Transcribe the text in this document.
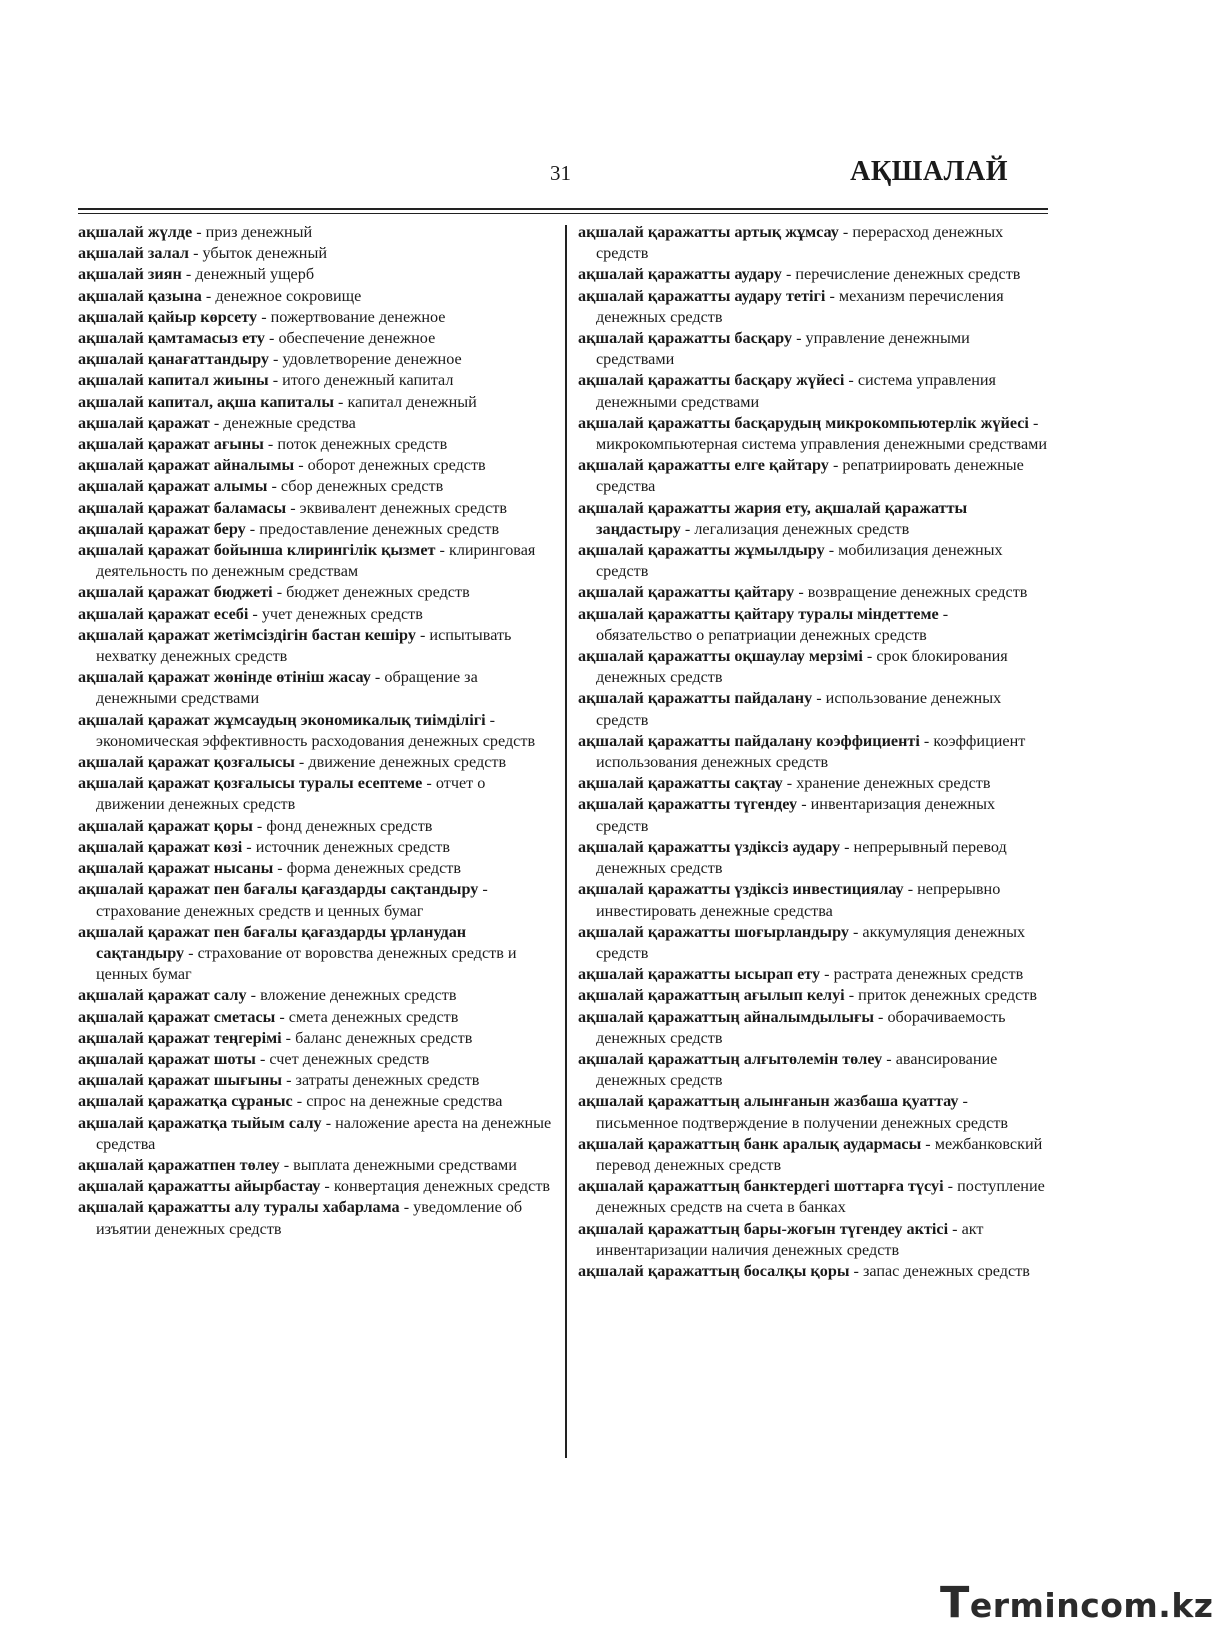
31	АҚШАЛАЙ
ақшалай жүлде - приз денежный
ақшалай залал - убыток денежный
ақшалай зиян - денежный ущерб
ақшалай қазына - денежное сокровище
ақшалай қайыр көрсету - пожертвование денежное
ақшалай қамтамасыз ету - обеспечение денежное
ақшалай қанағаттандыру - удовлетворение денежное
ақшалай капитал жиыны - итого денежный капитал
ақшалай капитал, ақша капиталы - капитал денежный
ақшалай қаражат - денежные средства
ақшалай қаражат ағыны - поток денежных средств
ақшалай қаражат айналымы - оборот денежных средств
ақшалай қаражат алымы - сбор денежных средств
ақшалай қаражат баламасы - эквивалент денежных средств
ақшалай қаражат беру - предоставление денежных средств
ақшалай қаражат бойынша клирингілік қызмет - клиринговая деятельность по денежным средствам
ақшалай қаражат бюджеті - бюджет денежных средств
ақшалай қаражат есебі - учет денежных средств
ақшалай қаражат жетімсіздігін бастан кешіру - испытывать нехватку денежных средств
ақшалай қаражат жөнінде өтініш жасау - обращение за денежными средствами
ақшалай қаражат жұмсаудың экономикалық тиімділігі - экономическая эффективность расходования денежных средств
ақшалай қаражат қозғалысы - движение денежных средств
ақшалай қаражат қозғалысы туралы есептеме - отчет о движении денежных средств
ақшалай қаражат қоры - фонд денежных средств
ақшалай қаражат көзі - источник денежных средств
ақшалай қаражат нысаны - форма денежных средств
ақшалай қаражат пен бағалы қағаздарды сақтандыру - страхование денежных средств и ценных бумаг
ақшалай қаражат пен бағалы қағаздарды ұрланудан сақтандыру - страхование от воровства денежных средств и ценных бумаг
ақшалай қаражат салу - вложение денежных средств
ақшалай қаражат сметасы - смета денежных средств
ақшалай қаражат теңгерімі - баланс денежных средств
ақшалай қаражат шоты - счет денежных средств
ақшалай қаражат шығыны - затраты денежных средств
ақшалай қаражатқа сұраныс - спрос на денежные средства
ақшалай қаражатқа тыйым салу - наложение ареста на денежные средства
ақшалай қаражатпен төлеу - выплата денежными средствами
ақшалай қаражатты айырбастау - конвертация денежных средств
ақшалай қаражатты алу туралы хабарлама - уведомление об изъятии денежных средств
ақшалай қаражатты артық жұмсау - перерасход денежных средств
ақшалай қаражатты аудару - перечисление денежных средств
ақшалай қаражатты аудару тетігі - механизм перечисления денежных средств
ақшалай қаражатты басқару - управление денежными средствами
ақшалай қаражатты басқару жүйесі - система управления денежными средствами
ақшалай қаражатты басқарудың микрокомпьютерлік жүйесі - микрокомпьютерная система управления денежными средствами
ақшалай қаражатты елге қайтару - репатриировать денежные средства
ақшалай қаражатты жария ету, ақшалай қаражатты заңдастыру - легализация денежных средств
ақшалай қаражатты жұмылдыру - мобилизация денежных средств
ақшалай қаражатты қайтару - возвращение денежных средств
ақшалай қаражатты қайтару туралы міндеттеме - обязательство о репатриации денежных средств
ақшалай қаражатты оқшаулау мерзімі - срок блокирования денежных средств
ақшалай қаражатты пайдалану - использование денежных средств
ақшалай қаражатты пайдалану коэффициенті - коэффициент использования денежных средств
ақшалай қаражатты сақтау - хранение денежных средств
ақшалай қаражатты түгендеу - инвентаризация денежных средств
ақшалай қаражатты үздіксіз аудару - непрерывный перевод денежных средств
ақшалай қаражатты үздіксіз инвестициялау - непрерывно инвестировать денежные средства
ақшалай қаражатты шоғырландыру - аккумуляция денежных средств
ақшалай қаражатты ысырап ету - растрата денежных средств
ақшалай қаражаттың ағылып келуі - приток денежных средств
ақшалай қаражаттың айналымдылығы - оборачиваемость денежных средств
ақшалай қаражаттың алғытөлемін төлеу - авансирование денежных средств
ақшалай қаражаттың алынғанын жазбаша қуаттау - письменное подтверждение в получении денежных средств
ақшалай қаражаттың банк аралық аудармасы - межбанковский перевод денежных средств
ақшалай қаражаттың банктердегі шоттарға түсуі - поступление денежных средств на счета в банках
ақшалай қаражаттың бары-жоғын түгендеу актісі - акт инвентаризации наличия денежных средств
ақшалай қаражаттың босалқы қоры - запас денежных средств
Termincom.kz
